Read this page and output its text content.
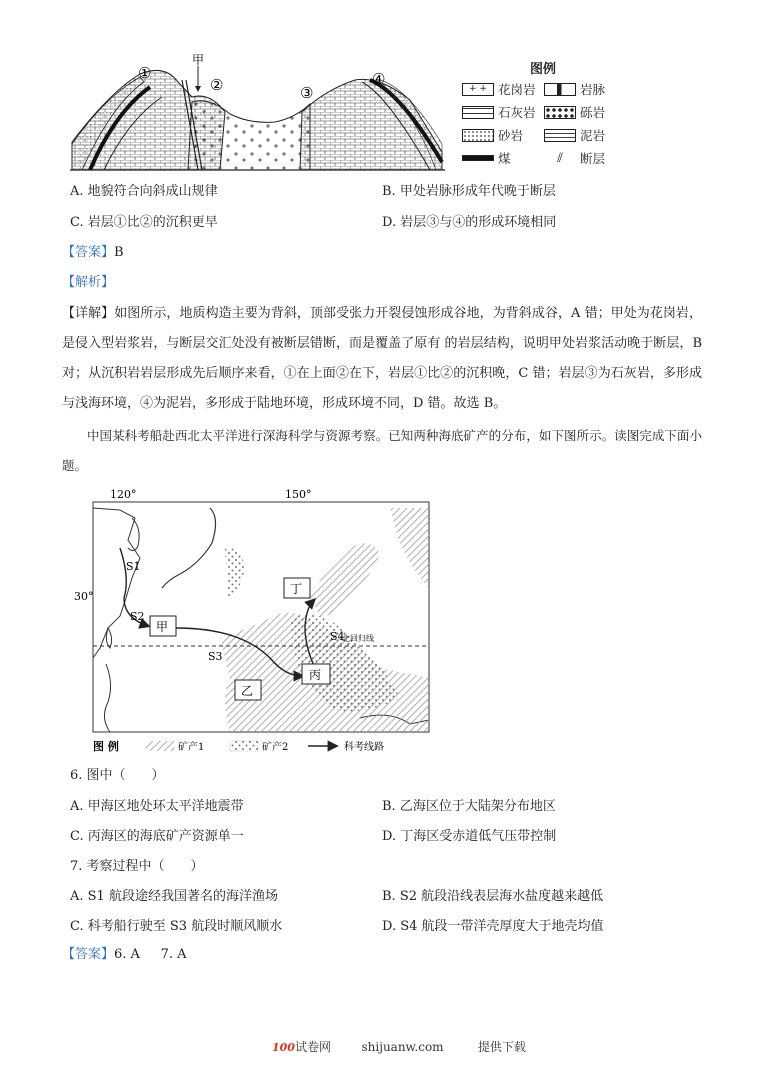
甲
①
②	③
④
图例
+ + 花岗岩	岩脉
石灰岩	砾岩
砂岩	泥岩
煤	⫽	断层
A. 地貌符合向斜成山规律	B. 甲处岩脉形成年代晚于断层
C. 岩层①比②的沉积更早	D. 岩层③与④的形成环境相同
【答案】B
【解析】
【详解】如图所示，地质构造主要为背斜，顶部受张力开裂侵蚀形成谷地，为背斜成谷，A 错；甲处为花岗岩，是侵入型岩浆岩，与断层交汇处没有被断层错断，而是覆盖了原有 的岩层结构，说明甲处岩浆活动晚于断层，B 对；从沉积岩岩层形成先后顺序来看，①在上面②在下，岩层①比②的沉积晚，C 错；岩层③为石灰岩，多形成与浅海环境，④为泥岩，多形成于陆地环境，形成环境不同，D 错。故选 B。
中国某科考船赴西北太平洋进行深海科学与资源考察。已知两种海底矿产的分布，如下图所示。读图完成下面小题。
120°	150°
30°
北回归线
S1
S2
S3
S4
甲
乙
丙
丁
图 例	矿产1	矿产2	科考线路
6. 图中（　　）
A. 甲海区地处环太平洋地震带	B. 乙海区位于大陆架分布地区
C. 丙海区的海底矿产资源单一	D. 丁海区受赤道低气压带控制
7. 考察过程中（　　）
A. S1 航段途经我国著名的海洋渔场	B. S2 航段沿线表层海水盐度越来越低
C. 科考船行驶至 S3 航段时顺风顺水	D. S4 航段一带洋壳厚度大于地壳均值
【答案】6. A 7. A
100试卷网	shijuanw.com	提供下载
